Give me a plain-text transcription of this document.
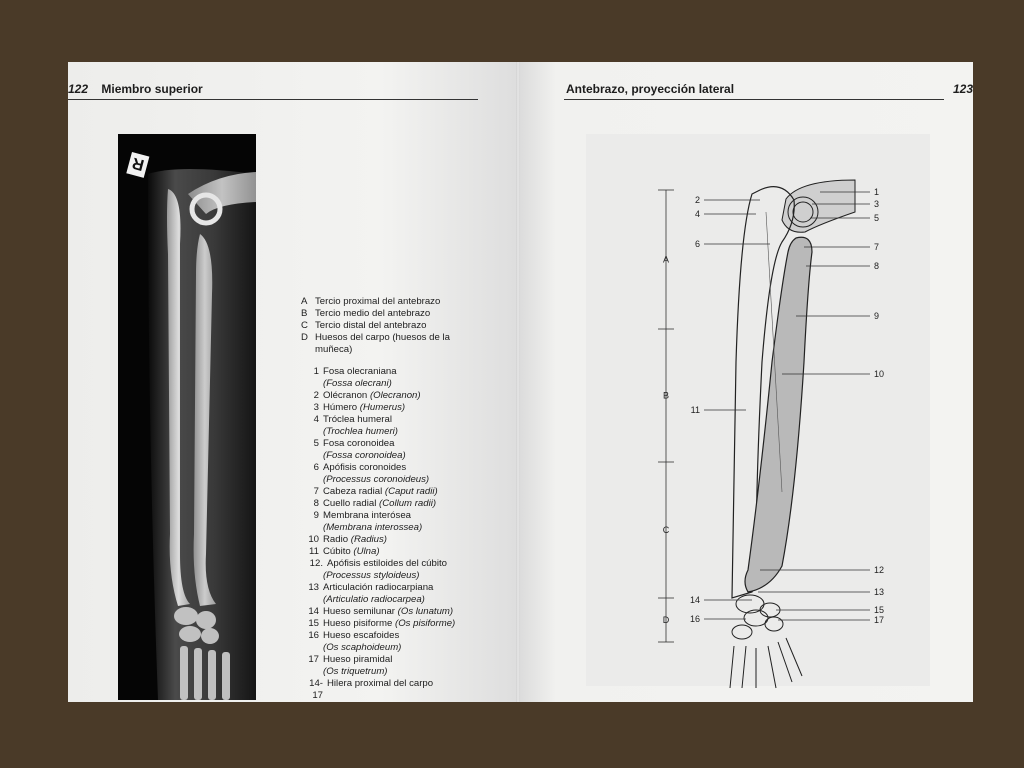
122 Miembro superior
R
A Tercio proximal del antebrazo
B Tercio medio del antebrazo
C Tercio distal del antebrazo
D Huesos del carpo (huesos de la
muñeca)
1 Fosa olecraniana
(Fossa olecrani)
2 Olécranon (Olecranon)
3 Húmero (Humerus)
4 Tróclea humeral
(Trochlea humeri)
5 Fosa coronoidea
(Fossa coronoidea)
6 Apófisis coronoides
(Processus coronoideus)
7 Cabeza radial (Caput radii)
8 Cuello radial (Collum radii)
9 Membrana interósea
(Membrana interossea)
10 Radio (Radius)
11 Cúbito (Ulna)
12. Apófisis estiloides del cúbito
(Processus styloideus)
13 Articulación radiocarpiana
(Articulatio radiocarpea)
14 Hueso semilunar (Os lunatum)
15 Hueso pisiforme (Os pisiforme)
16 Hueso escafoides
(Os scaphoideum)
17 Hueso piramidal
(Os triquetrum)
14-17
Hilera proximal del carpo
Antebrazo, proyección lateral	123
A
B
C
D
2
4
6
11
14
16
1
3
5
7
8
9
10
12
13
15
17
